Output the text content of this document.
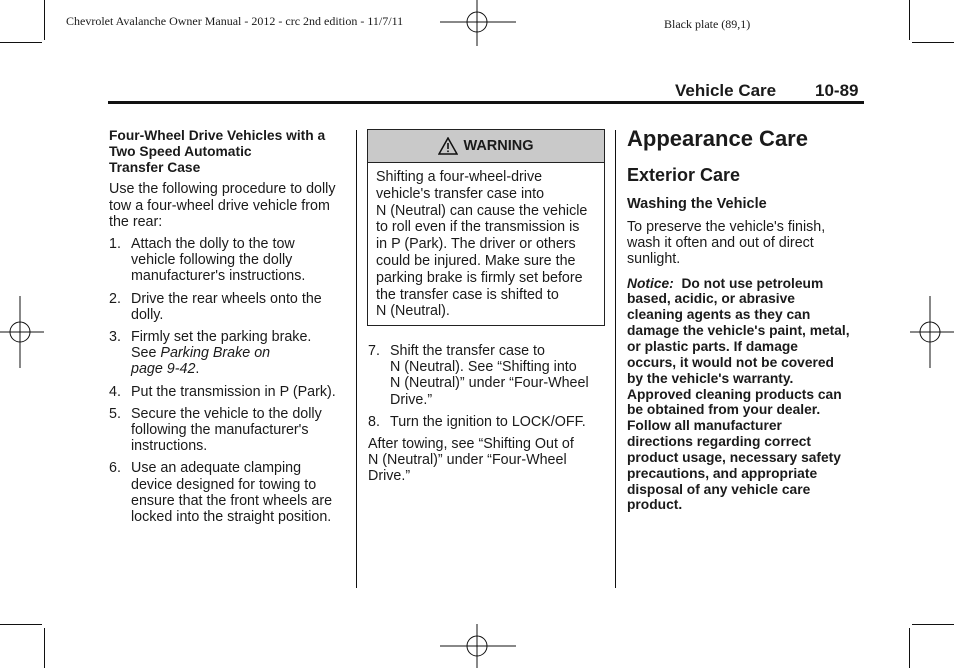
Chevrolet Avalanche Owner Manual - 2012 - crc 2nd edition - 11/7/11	Black plate (89,1)
Vehicle Care 10-89
Four-Wheel Drive Vehicles with a
Two Speed Automatic
Transfer Case
Use the following procedure to dolly
tow a four-wheel drive vehicle from
the rear:
1. Attach the dolly to the tow
vehicle following the dolly
manufacturer's instructions.
2. Drive the rear wheels onto the
dolly.
3. Firmly set the parking brake.
See Parking Brake on
page 9-42.
4. Put the transmission in P (Park).
5. Secure the vehicle to the dolly
following the manufacturer's
instructions.
6. Use an adequate clamping
device designed for towing to
ensure that the front wheels are
locked into the straight position.
WARNING
Shifting a four-wheel-drive
vehicle's transfer case into
N (Neutral) can cause the vehicle
to roll even if the transmission is
in P (Park). The driver or others
could be injured. Make sure the
parking brake is firmly set before
the transfer case is shifted to
N (Neutral).
7. Shift the transfer case to
N (Neutral). See “Shifting into
N (Neutral)” under “Four-Wheel
Drive.”
8. Turn the ignition to LOCK/OFF.
After towing, see “Shifting Out of
N (Neutral)” under “Four-Wheel
Drive.”
Appearance Care
Exterior Care
Washing the Vehicle
To preserve the vehicle's finish,
wash it often and out of direct
sunlight.
Notice: Do not use petroleum
based, acidic, or abrasive
cleaning agents as they can
damage the vehicle's paint, metal,
or plastic parts. If damage
occurs, it would not be covered
by the vehicle's warranty.
Approved cleaning products can
be obtained from your dealer.
Follow all manufacturer
directions regarding correct
product usage, necessary safety
precautions, and appropriate
disposal of any vehicle care
product.
